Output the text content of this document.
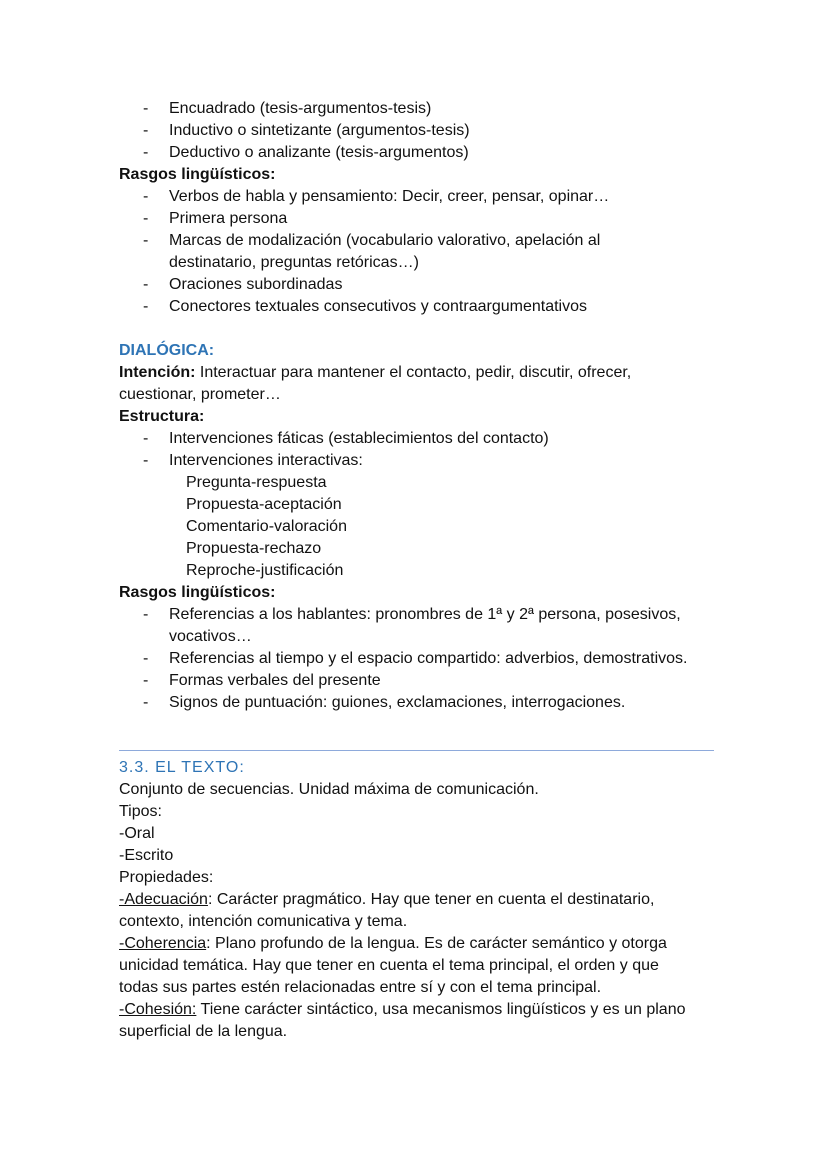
- Encuadrado (tesis-argumentos-tesis)
- Inductivo o sintetizante (argumentos-tesis)
- Deductivo o analizante (tesis-argumentos)
Rasgos lingüísticos:
- Verbos de habla y pensamiento: Decir, creer, pensar, opinar…
- Primera persona
- Marcas de modalización (vocabulario valorativo, apelación al
destinatario, preguntas retóricas…)
- Oraciones subordinadas
- Conectores textuales consecutivos y contraargumentativos
DIALÓGICA:
Intención: Interactuar para mantener el contacto, pedir, discutir, ofrecer,
cuestionar, prometer…
Estructura:
- Intervenciones fáticas (establecimientos del contacto)
- Intervenciones interactivas:
Pregunta-respuesta
Propuesta-aceptación
Comentario-valoración
Propuesta-rechazo
Reproche-justificación
Rasgos lingüísticos:
- Referencias a los hablantes: pronombres de 1ª y 2ª persona, posesivos,
vocativos…
- Referencias al tiempo y el espacio compartido: adverbios, demostrativos.
- Formas verbales del presente
- Signos de puntuación: guiones, exclamaciones, interrogaciones.
3.3. EL TEXTO:
Conjunto de secuencias. Unidad máxima de comunicación.
Tipos:
-Oral
-Escrito
Propiedades:
-Adecuación: Carácter pragmático. Hay que tener en cuenta el destinatario,
contexto, intención comunicativa y tema.
-Coherencia: Plano profundo de la lengua. Es de carácter semántico y otorga
unicidad temática. Hay que tener en cuenta el tema principal, el orden y que
todas sus partes estén relacionadas entre sí y con el tema principal.
-Cohesión: Tiene carácter sintáctico, usa mecanismos lingüísticos y es un plano
superficial de la lengua.
